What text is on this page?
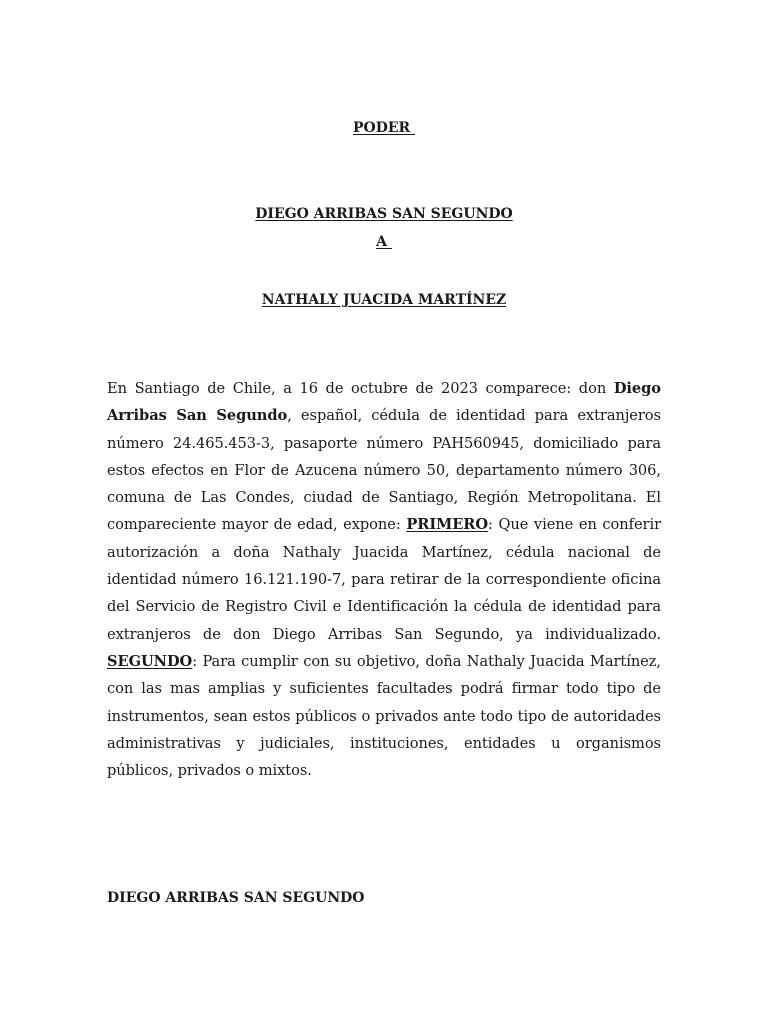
PODER
DIEGO ARRIBAS SAN SEGUNDO
A
NATHALY JUACIDA MARTÍNEZ
En Santiago de Chile, a 16 de octubre de 2023 comparece: don Diego Arribas San Segundo, español, cédula de identidad para extranjeros número 24.465.453-3, pasaporte número PAH560945, domiciliado para estos efectos en Flor de Azucena número 50, departamento número 306, comuna de Las Condes, ciudad de Santiago, Región Metropolitana. El compareciente mayor de edad, expone: PRIMERO: Que viene en conferir autorización a doña Nathaly Juacida Martínez, cédula nacional de identidad número 16.121.190-7, para retirar de la correspondiente oficina del Servicio de Registro Civil e Identificación la cédula de identidad para extranjeros de don Diego Arribas San Segundo, ya individualizado. SEGUNDO: Para cumplir con su objetivo, doña Nathaly Juacida Martínez, con las mas amplias y suficientes facultades podrá firmar todo tipo de instrumentos, sean estos públicos o privados ante todo tipo de autoridades administrativas y judiciales, instituciones, entidades u organismos públicos, privados o mixtos.
DIEGO ARRIBAS SAN SEGUNDO
